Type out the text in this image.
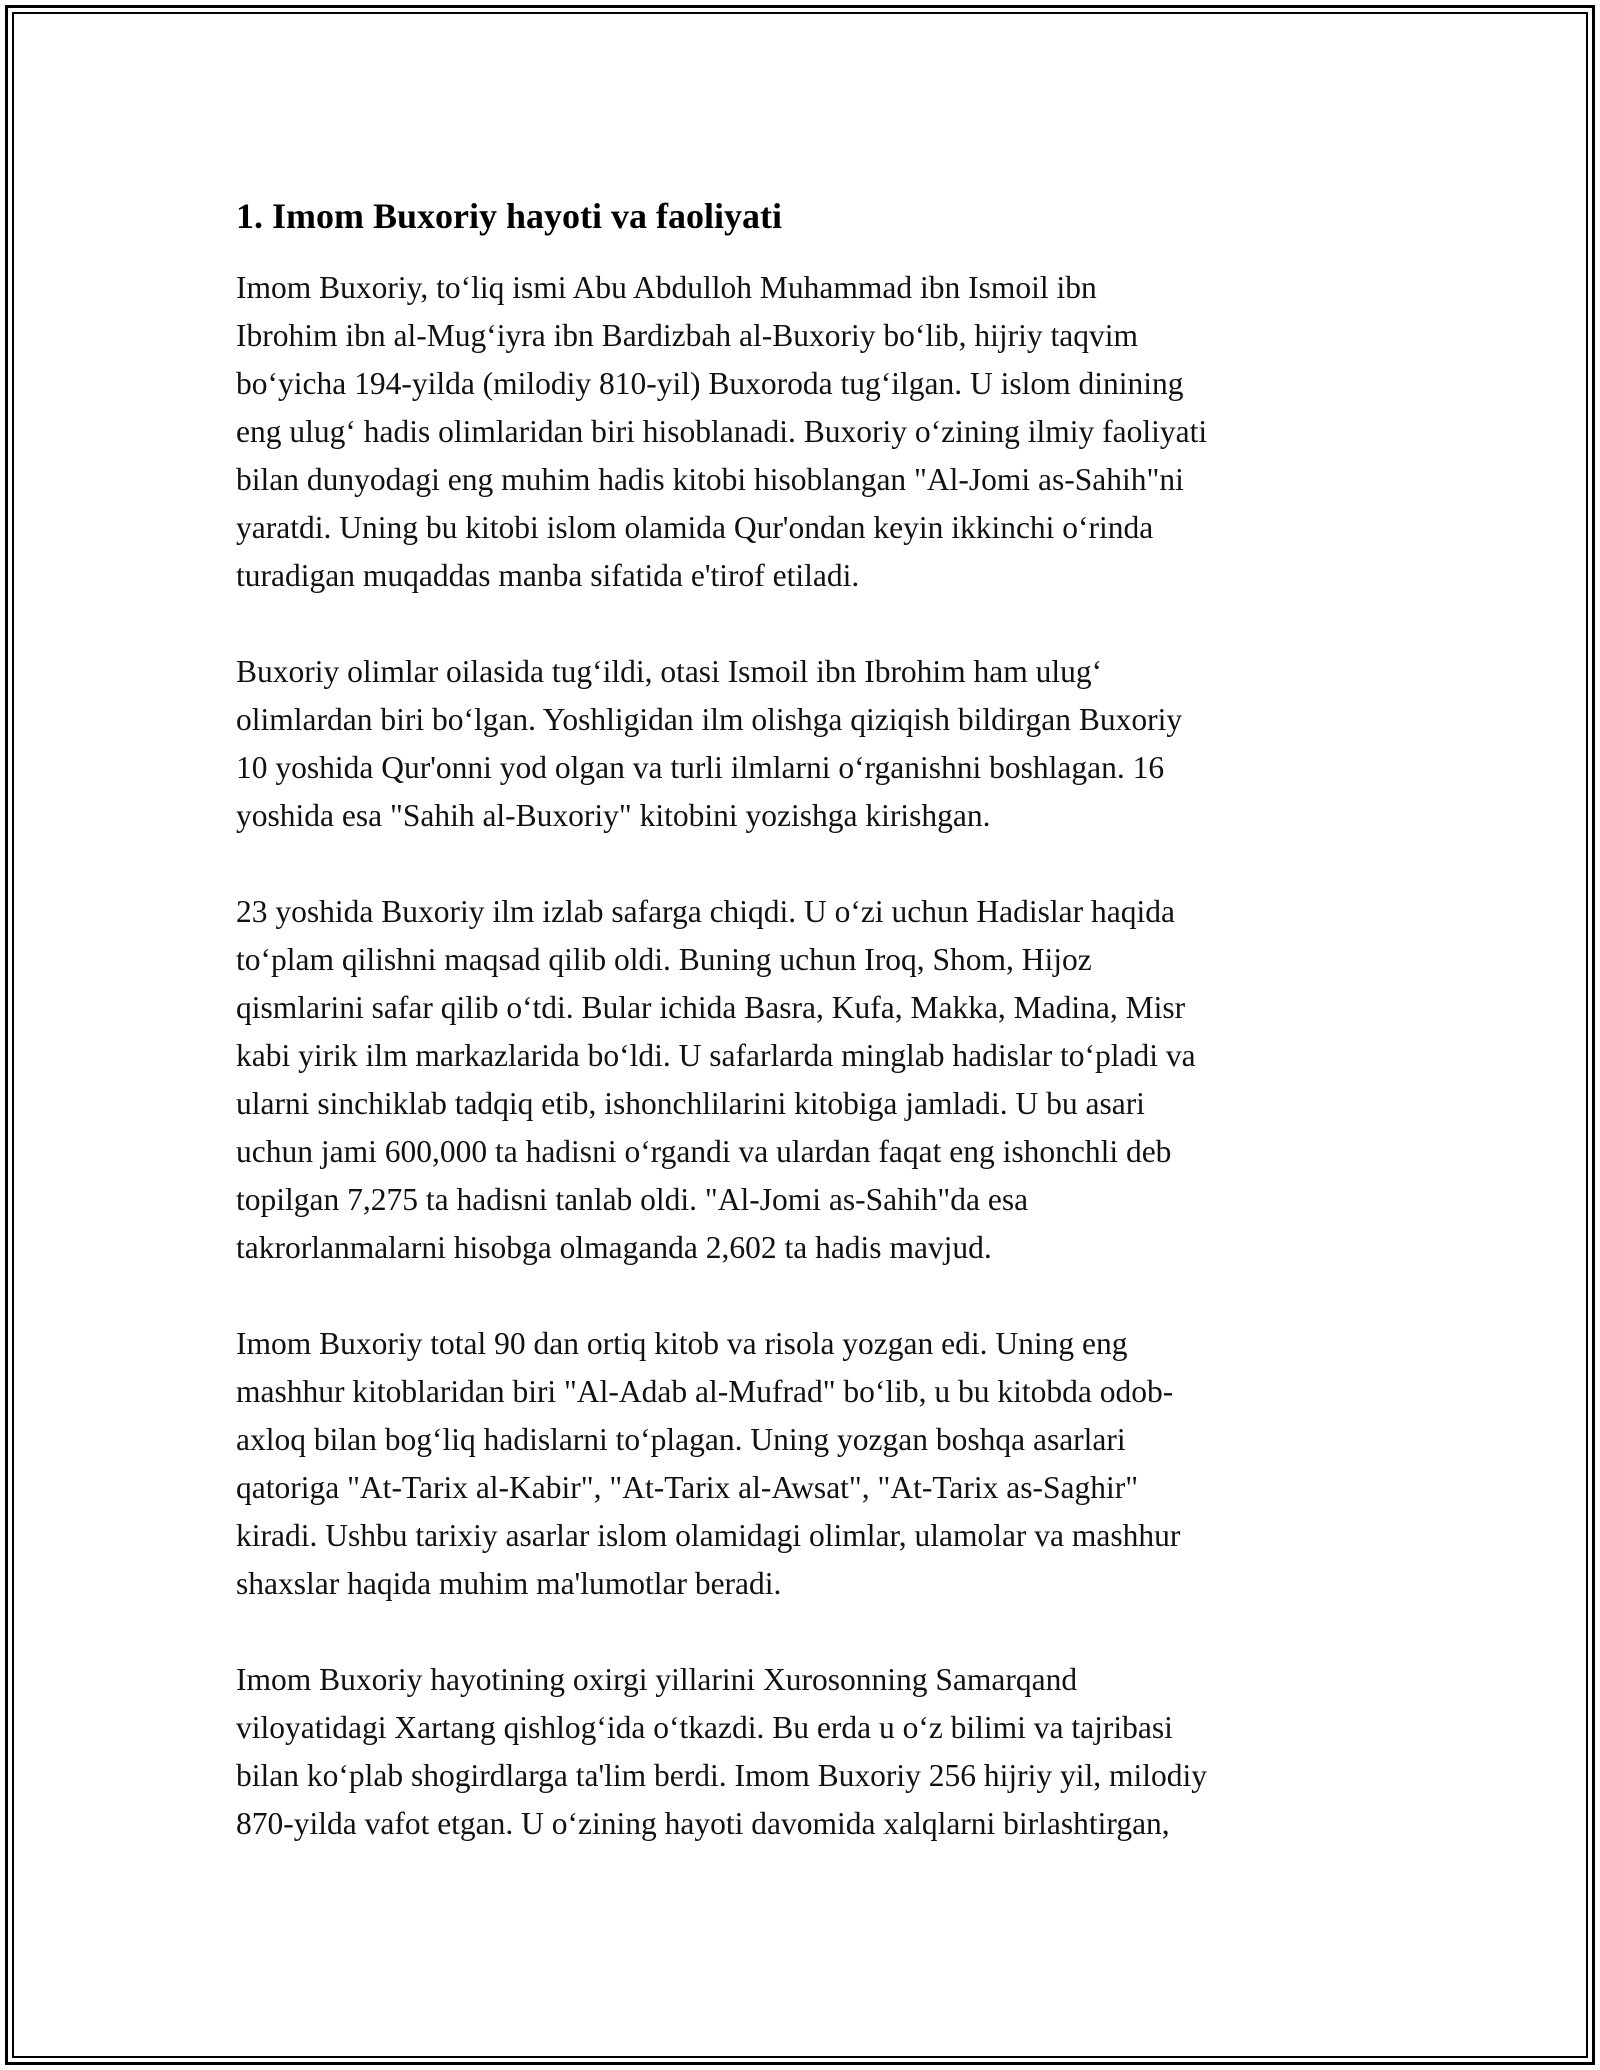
1. Imom Buxoriy hayoti va faoliyati

Imom Buxoriy, to‘liq ismi Abu Abdulloh Muhammad ibn Ismoil ibn
Ibrohim ibn al-Mug‘iyra ibn Bardizbah al-Buxoriy bo‘lib, hijriy taqvim
bo‘yicha 194-yilda (milodiy 810-yil) Buxoroda tug‘ilgan. U islom dinining
eng ulug‘ hadis olimlaridan biri hisoblanadi. Buxoriy o‘zining ilmiy faoliyati
bilan dunyodagi eng muhim hadis kitobi hisoblangan "Al-Jomi as-Sahih"ni
yaratdi. Uning bu kitobi islom olamida Qur'ondan keyin ikkinchi o‘rinda
turadigan muqaddas manba sifatida e'tirof etiladi.

Buxoriy olimlar oilasida tug‘ildi, otasi Ismoil ibn Ibrohim ham ulug‘
olimlardan biri bo‘lgan. Yoshligidan ilm olishga qiziqish bildirgan Buxoriy
10 yoshida Qur'onni yod olgan va turli ilmlarni o‘rganishni boshlagan. 16
yoshida esa "Sahih al-Buxoriy" kitobini yozishga kirishgan.

23 yoshida Buxoriy ilm izlab safarga chiqdi. U o‘zi uchun Hadislar haqida
to‘plam qilishni maqsad qilib oldi. Buning uchun Iroq, Shom, Hijoz
qismlarini safar qilib o‘tdi. Bular ichida Basra, Kufa, Makka, Madina, Misr
kabi yirik ilm markazlarida bo‘ldi. U safarlarda minglab hadislar to‘pladi va
ularni sinchiklab tadqiq etib, ishonchlilarini kitobiga jamladi. U bu asari
uchun jami 600,000 ta hadisni o‘rgandi va ulardan faqat eng ishonchli deb
topilgan 7,275 ta hadisni tanlab oldi. "Al-Jomi as-Sahih"da esa
takrorlanmalarni hisobga olmaganda 2,602 ta hadis mavjud.

Imom Buxoriy total 90 dan ortiq kitob va risola yozgan edi. Uning eng
mashhur kitoblaridan biri "Al-Adab al-Mufrad" bo‘lib, u bu kitobda odob-
axloq bilan bog‘liq hadislarni to‘plagan. Uning yozgan boshqa asarlari
qatoriga "At-Tarix al-Kabir", "At-Tarix al-Awsat", "At-Tarix as-Saghir"
kiradi. Ushbu tarixiy asarlar islom olamidagi olimlar, ulamolar va mashhur
shaxslar haqida muhim ma'lumotlar beradi.

Imom Buxoriy hayotining oxirgi yillarini Xurosonning Samarqand
viloyatidagi Xartang qishlog‘ida o‘tkazdi. Bu erda u o‘z bilimi va tajribasi
bilan ko‘plab shogirdlarga ta'lim berdi. Imom Buxoriy 256 hijriy yil, milodiy
870-yilda vafot etgan. U o‘zining hayoti davomida xalqlarni birlashtirgan,
